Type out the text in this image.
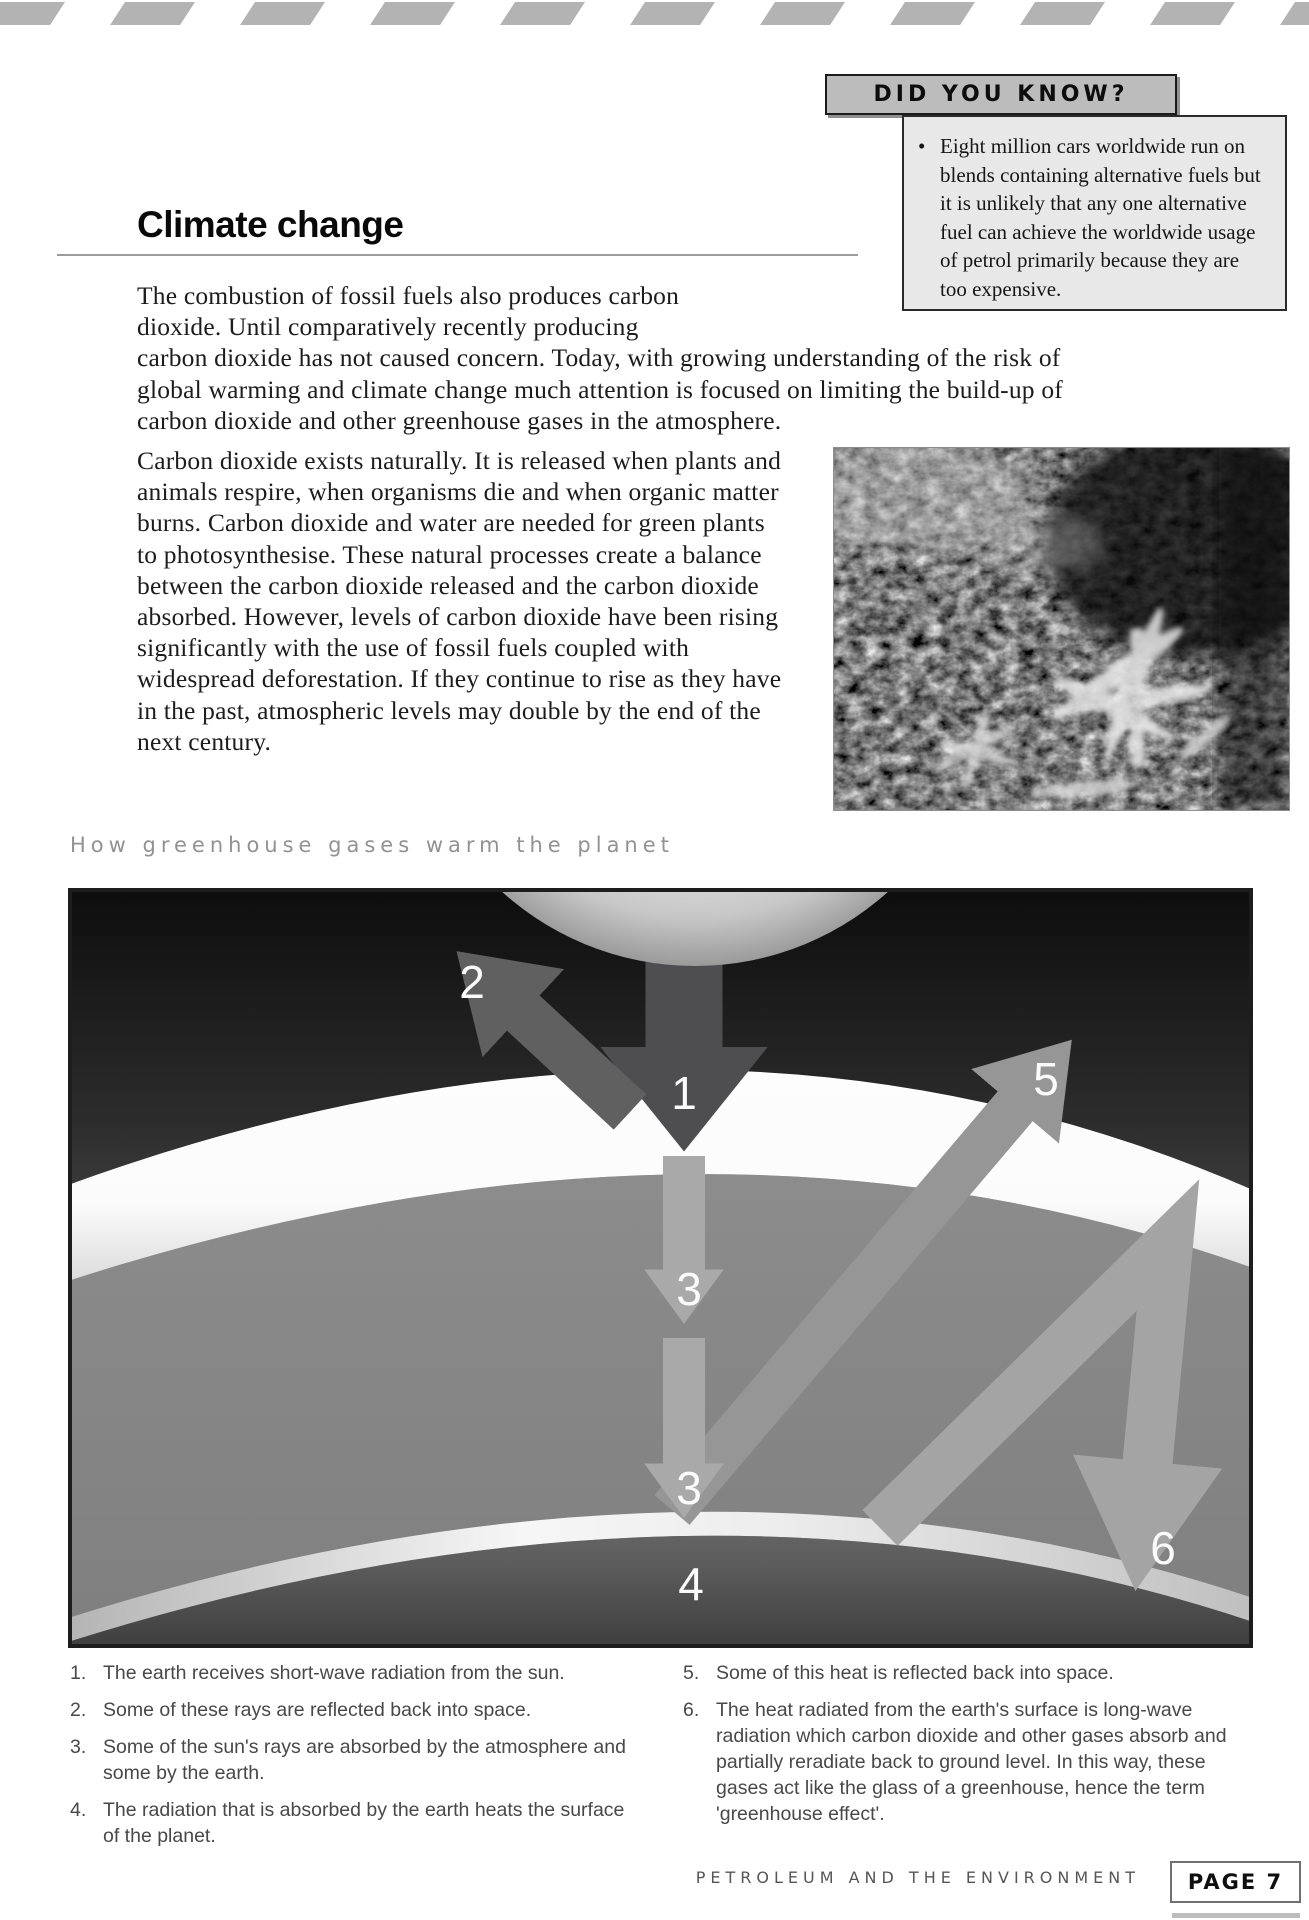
DID YOU KNOW?
• Eight million cars worldwide run on blends containing alternative fuels but it is unlikely that any one alternative fuel can achieve the worldwide usage of petrol primarily because they are too expensive.
Climate change

The combustion of fossil fuels also produces carbon dioxide. Until comparatively recently producing carbon dioxide has not caused concern. Today, with growing understanding of the risk of global warming and climate change much attention is focused on limiting the build-up of carbon dioxide and other greenhouse gases in the atmosphere.

Carbon dioxide exists naturally. It is released when plants and animals respire, when organisms die and when organic matter burns. Carbon dioxide and water are needed for green plants to photosynthesise. These natural processes create a balance between the carbon dioxide released and the carbon dioxide absorbed. However, levels of carbon dioxide have been rising significantly with the use of fossil fuels coupled with widespread deforestation. If they continue to rise as they have in the past, atmospheric levels may double by the end of the next century.
How greenhouse gases warm the planet
1
2
3
3
4
5
6
1. The earth receives short-wave radiation from the sun.
2. Some of these rays are reflected back into space.
3. Some of the sun's rays are absorbed by the atmosphere and some by the earth.
4. The radiation that is absorbed by the earth heats the surface of the planet.
5. Some of this heat is reflected back into space.
6. The heat radiated from the earth's surface is long-wave radiation which carbon dioxide and other gases absorb and partially reradiate back to ground level. In this way, these gases act like the glass of a greenhouse, hence the term 'greenhouse effect'.
PETROLEUM AND THE ENVIRONMENT PAGE 7
